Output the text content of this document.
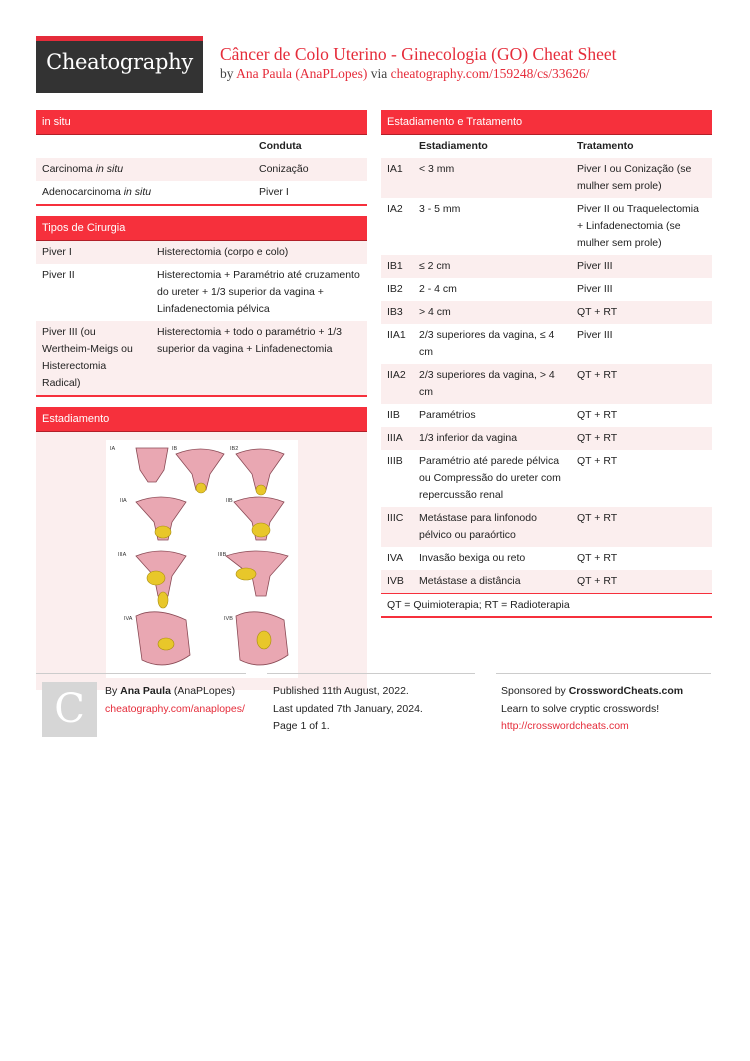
Cheatography	Câncer de Colo Uterino - Ginecologia (GO) Cheat Sheet
by Ana Paula (AnaPLopes) via cheatography.com/159248/cs/33626/
in situ
	Conduta
Carcinoma in situ	Conização
Adenocarcinoma in situ	Piver I
Tipos de Cirurgia
Piver I	Histerectomia (corpo e colo)
Piver II	Histerectomia + Paramétrio até cruzamento do ureter + 1/3 superior da vagina + Linfadenectomia pélvica
Piver III (ou Wertheim-Meigs ou Histerectomia Radical)	Histerectomia + todo o paramétrio + 1/3 superior da vagina + Linfadenectomia
Estadiamento
IA	IB	IB2
IIA	IIB
IIIA	IIIB
IVA	IVB
Estadiamento e Tratamento
	Estadiamento	Tratamento
IA1	< 3 mm	Piver I ou Conização (se mulher sem prole)
IA2	3 - 5 mm	Piver II ou Traquelectomia + Linfadenectomia (se mulher sem prole)
IB1	≤ 2 cm	Piver III
IB2	2 - 4 cm	Piver III
IB3	> 4 cm	QT + RT
IIA1	2/3 superiores da vagina, ≤ 4 cm	Piver III
IIA2	2/3 superiores da vagina, > 4 cm	QT + RT
IIB	Paramétrios	QT + RT
IIIA	1/3 inferior da vagina	QT + RT
IIIB	Paramétrio até parede pélvica ou Compressão do ureter com repercussão renal	QT + RT
IIIC	Metástase para linfonodo pélvico ou paraórtico	QT + RT
IVA	Invasão bexiga ou reto	QT + RT
IVB	Metástase a distância	QT + RT
QT = Quimioterapia; RT = Radioterapia
C	By Ana Paula (AnaPLopes)
cheatography.com/anaplopes/
Published 11th August, 2022.
Last updated 7th January, 2024.
Page 1 of 1.
Sponsored by CrosswordCheats.com
Learn to solve cryptic crosswords!
http://crosswordcheats.com
